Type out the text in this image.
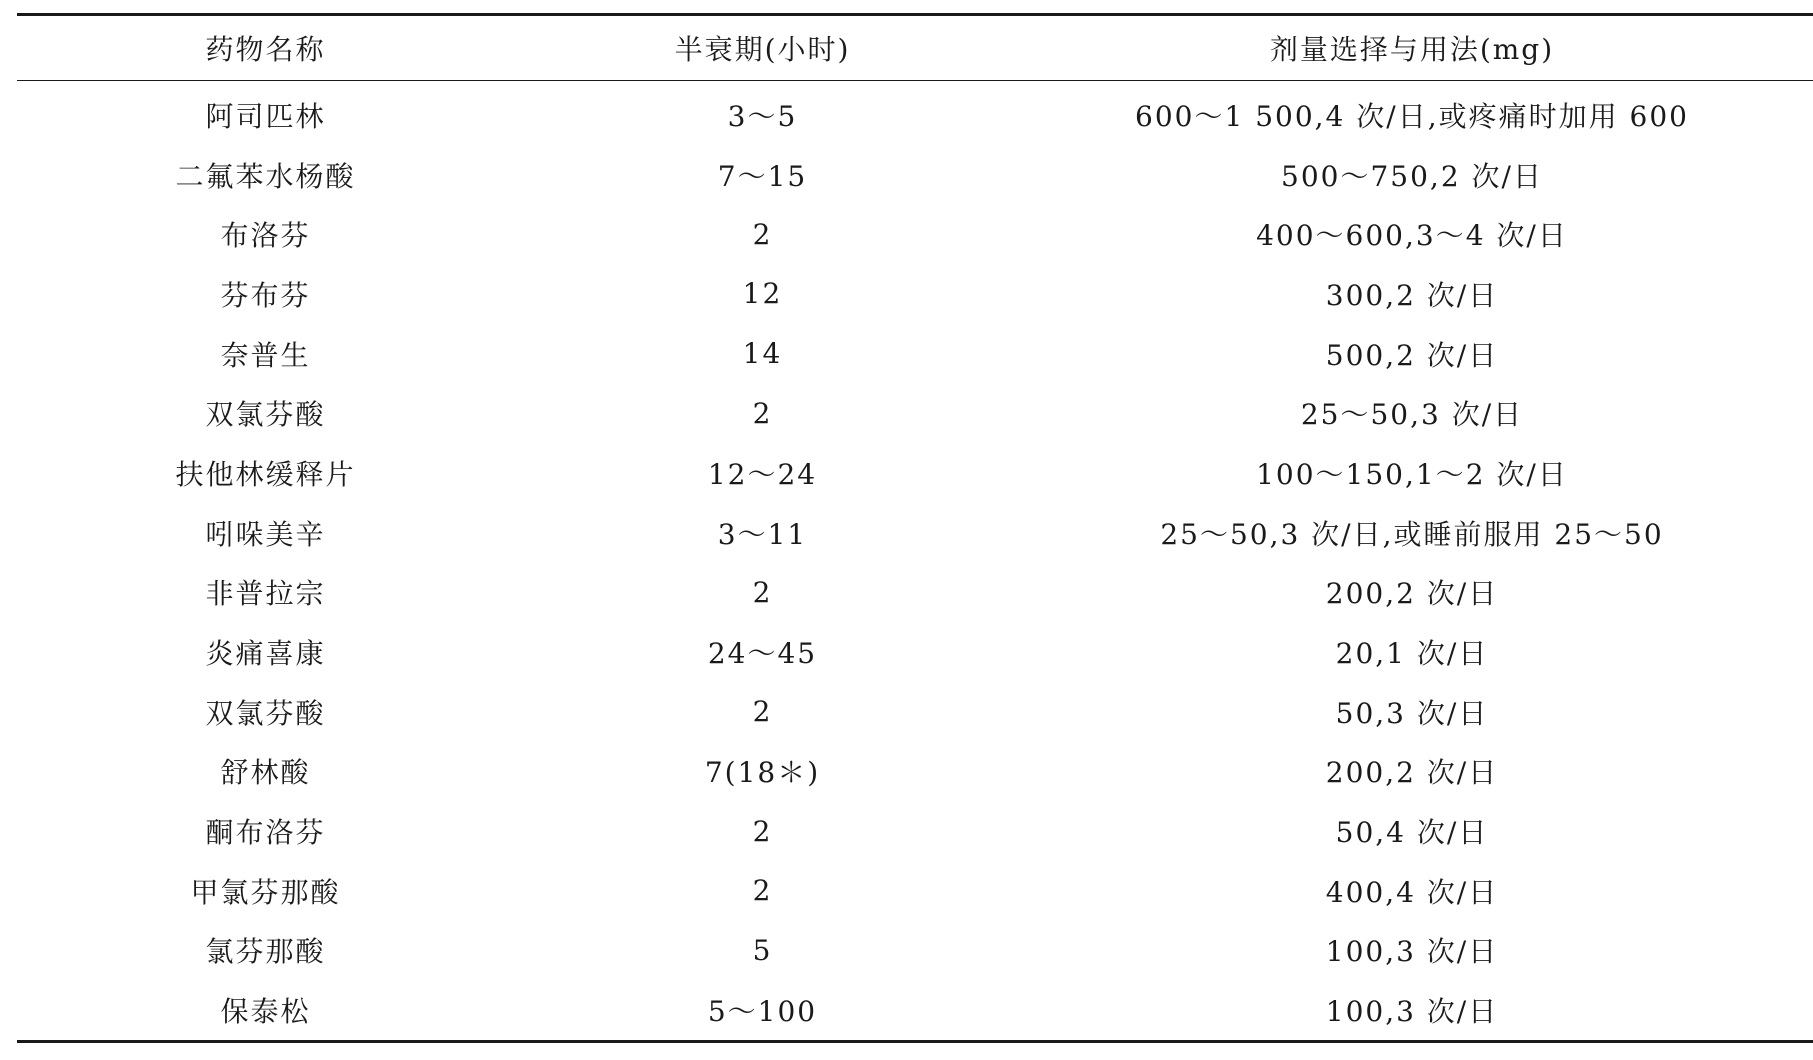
药物名称	半衰期(小时)	剂量选择与用法(mg)
阿司匹林	3～5	600～1 500,4 次/日,或疼痛时加用 600
二氟苯水杨酸	7～15	500～750,2 次/日
布洛芬	2	400～600,3～4 次/日
芬布芬	12	300,2 次/日
奈普生	14	500,2 次/日
双氯芬酸	2	25～50,3 次/日
扶他林缓释片	12～24	100～150,1～2 次/日
吲哚美辛	3～11	25～50,3 次/日,或睡前服用 25～50
非普拉宗	2	200,2 次/日
炎痛喜康	24～45	20,1 次/日
双氯芬酸	2	50,3 次/日
舒林酸	7(18＊)	200,2 次/日
酮布洛芬	2	50,4 次/日
甲氯芬那酸	2	400,4 次/日
氯芬那酸	5	100,3 次/日
保泰松	5～100	100,3 次/日
